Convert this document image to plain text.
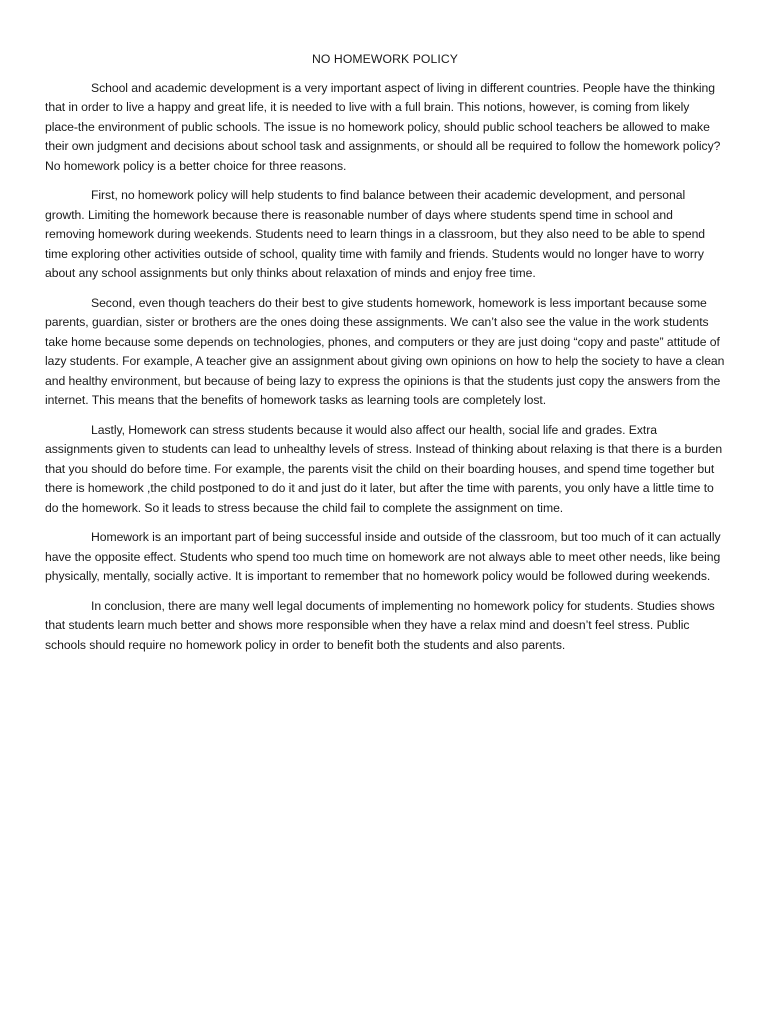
NO HOMEWORK POLICY

School and academic development is a very important aspect of living in different countries. People have the thinking that in order to live a happy and great life, it is needed to live with a full brain. This notions, however, is coming from likely place-the environment of public schools. The issue is no homework policy, should public school teachers be allowed to make their own judgment and decisions about school task and assignments, or should all be required to follow the homework policy? No homework policy is a better choice for three reasons.

First, no homework policy will help students to find balance between their academic development, and personal growth. Limiting the homework because there is reasonable number of days where students spend time in school and removing homework during weekends. Students need to learn things in a classroom, but they also need to be able to spend time exploring other activities outside of school, quality time with family and friends. Students would no longer have to worry about any school assignments but only thinks about relaxation of minds and enjoy free time.

Second, even though teachers do their best to give students homework, homework is less important because some parents, guardian, sister or brothers are the ones doing these assignments. We can’t also see the value in the work students take home because some depends on technologies, phones, and computers or they are just doing “copy and paste” attitude of lazy students. For example, A teacher give an assignment about giving own opinions on how to help the society to have a clean and healthy environment, but because of being lazy to express the opinions is that the students just copy the answers from the internet. This means that the benefits of homework tasks as learning tools are completely lost.

Lastly, Homework can stress students because it would also affect our health, social life and grades. Extra assignments given to students can lead to unhealthy levels of stress. Instead of thinking about relaxing is that there is a burden that you should do before time. For example, the parents visit the child on their boarding houses, and spend time together but there is homework ,the child postponed to do it and just do it later, but after the time with parents, you only have a little time to do the homework. So it leads to stress because the child fail to complete the assignment on time.

Homework is an important part of being successful inside and outside of the classroom, but too much of it can actually have the opposite effect. Students who spend too much time on homework are not always able to meet other needs, like being physically, mentally, socially active. It is important to remember that no homework policy would be followed during weekends.

In conclusion, there are many well legal documents of implementing no homework policy for students. Studies shows that students learn much better and shows more responsible when they have a relax mind and doesn’t feel stress. Public schools should require no homework policy in order to benefit both the students and also parents.
